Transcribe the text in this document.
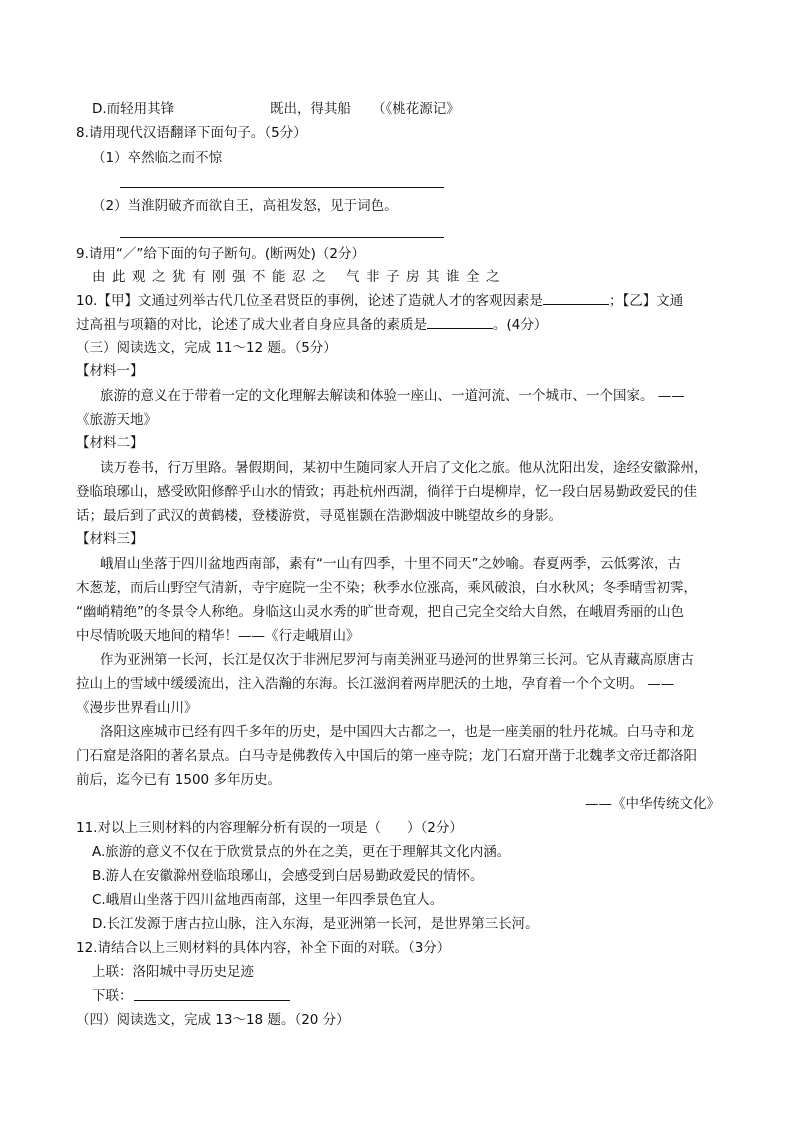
D.而轻用其锋	既出，得其船 （《桃花源记》
8.请用现代汉语翻译下面句子。（5分）
（1）卒然临之而不惊
（2）当淮阴破齐而欲自王，高祖发怒，见于词色。
9.请用“／”给下面的句子断句。(断两处)（2分）
由此观之犹有刚强不能忍之 气非子房其谁全之
10.【甲】文通过列举古代几位圣君贤臣的事例，论述了造就人才的客观因素是	；【乙】文通
过高祖与项籍的对比，论述了成大业者自身应具备的素质是	。(4分）
（三）阅读选文，完成 11～12 题。（5分）
【材料一】
旅游的意义在于带着一定的文化理解去解读和体验一座山、一道河流、一个城市、一个国家。 ——
《旅游天地》
【材料二】
读万卷书，行万里路。暑假期间，某初中生随同家人开启了文化之旅。他从沈阳出发，途经安徽滁州，
登临琅琊山，感受欧阳修醉乎山水的情致；再赴杭州西湖，徜徉于白堤柳岸，忆一段白居易勤政爱民的佳
话；最后到了武汉的黄鹤楼，登楼游赏，寻觅崔颢在浩渺烟波中眺望故乡的身影。
【材料三】
峨眉山坐落于四川盆地西南部，素有“一山有四季，十里不同天”之妙喻。春夏两季，云低雾浓，古
木葱茏，而后山野空气清新，寺宇庭院一尘不染；秋季水位涨高，乘风破浪，白水秋风；冬季晴雪初霁，
“幽峭精绝”的冬景令人称绝。身临这山灵水秀的旷世奇观，把自己完全交给大自然，在峨眉秀丽的山色
中尽情吮吸天地间的精华！——《行走峨眉山》
作为亚洲第一长河，长江是仅次于非洲尼罗河与南美洲亚马逊河的世界第三长河。它从青藏高原唐古
拉山上的雪域中缓缓流出，注入浩瀚的东海。长江滋润着两岸肥沃的土地，孕育着一个个文明。 ——
《漫步世界看山川》
洛阳这座城市已经有四千多年的历史，是中国四大古都之一，也是一座美丽的牡丹花城。白马寺和龙
门石窟是洛阳的著名景点。白马寺是佛教传入中国后的第一座寺院；龙门石窟开凿于北魏孝文帝迁都洛阳
前后，迄今已有 1500 多年历史。
——《中华传统文化》
11.对以上三则材料的内容理解分析有误的一项是（ ）（2分）
A.旅游的意义不仅在于欣赏景点的外在之美，更在于理解其文化内涵。
B.游人在安徽滁州登临琅琊山，会感受到白居易勤政爱民的情怀。
C.峨眉山坐落于四川盆地西南部，这里一年四季景色宜人。
D.长江发源于唐古拉山脉，注入东海，是亚洲第一长河，是世界第三长河。
12.请结合以上三则材料的具体内容，补全下面的对联。（3分）
上联：洛阳城中寻历史足迹
下联：
（四）阅读选文，完成 13～18 题。（20 分）
